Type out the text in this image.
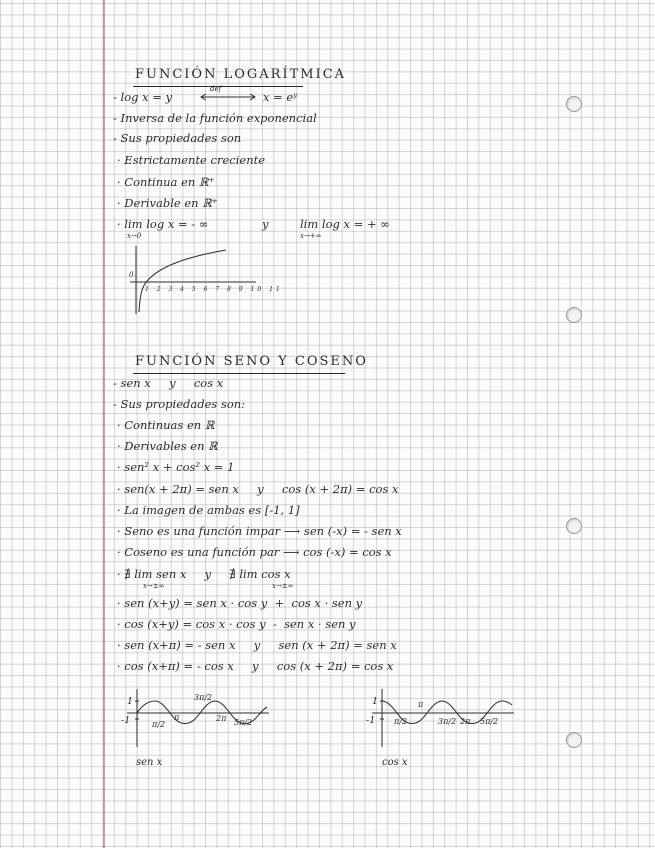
FUNCIÓN LOGARÍTMICA
- log x = y
def
x = eʸ
- Inversa de la función exponencial
- Sus propiedades son
· Estrictamente creciente
· Continua en ℝ⁺
· Derivable en ℝ⁺
· lim log x = - ∞
x→0
y	lim log x = + ∞
x→+∞
0
1 2 3 4 5 6 7 8 9 10 11
FUNCIÓN SENO Y COSENO
- sen x     y     cos x
- Sus propiedades son:
· Continuas en ℝ
· Derivables en ℝ
· sen² x + cos² x = 1
· sen(x + 2π) = sen x     y     cos (x + 2π) = cos x
· La imagen de ambas es [-1, 1]
· Seno es una función impar ⟶ sen (-x) = - sen x
· Coseno es una función par ⟶ cos (-x) = cos x
· ∄ lim sen x     y     ∄ lim cos x
x→±∞	x→±∞
· sen (x+y) = sen x · cos y  +  cos x · sen y
· cos (x+y) = cos x · cos y  -  sen x · sen y
· sen (x+π) = - sen x     y     sen (x + 2π) = sen x
· cos (x+π) = - cos x     y     cos (x + 2π) = cos x
1
-1	π/2
π
3π/2
2π 5π/2
sen x
1
-1 π/2
π
3π/2 2π 5π/2
cos x
